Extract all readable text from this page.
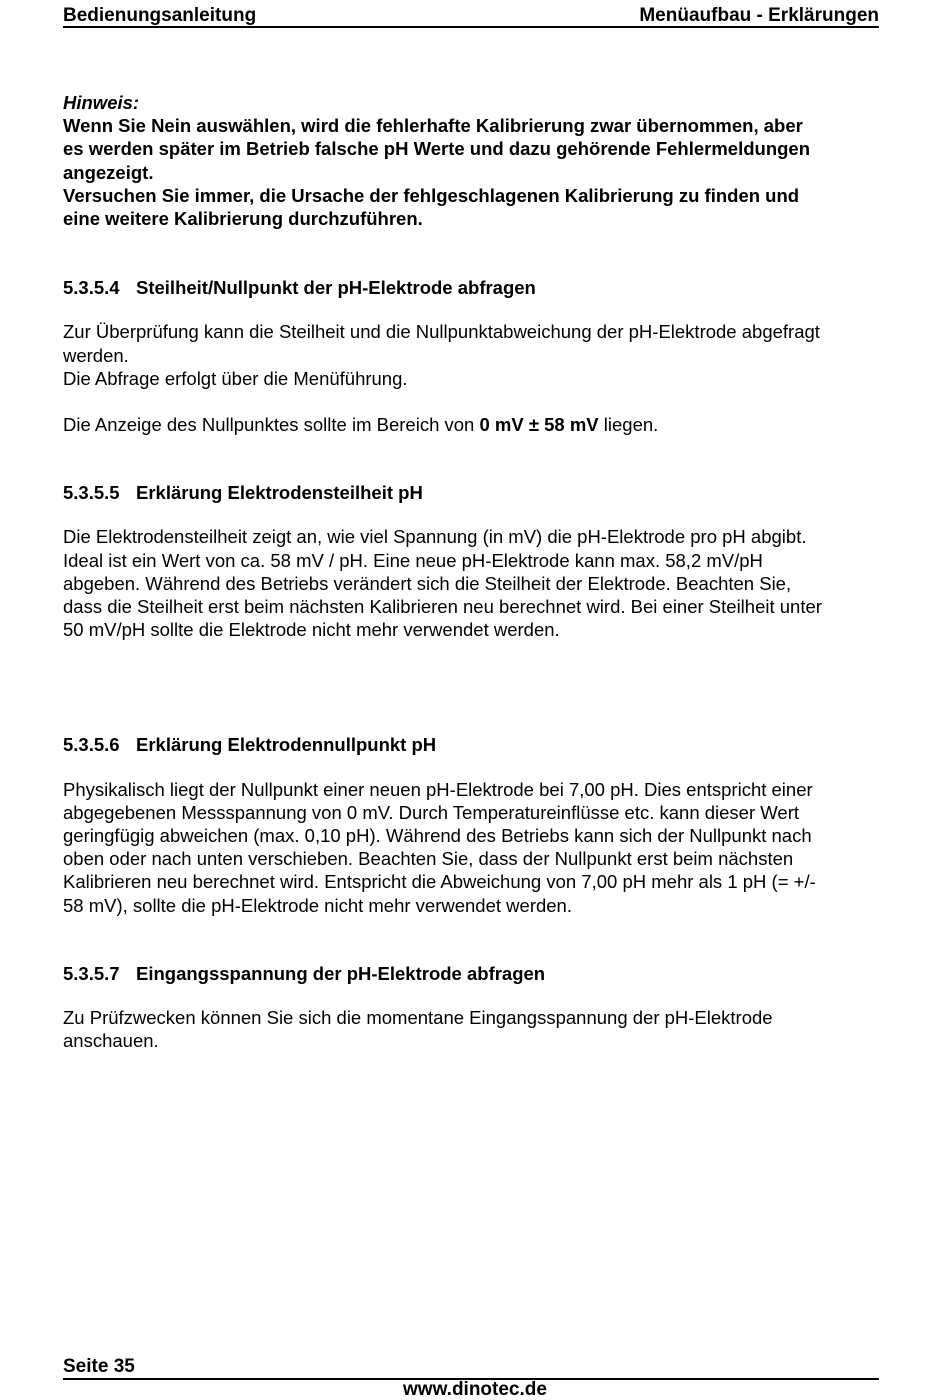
Bedienungsanleitung	Menüaufbau - Erklärungen

Hinweis:

Wenn Sie Nein auswählen, wird die fehlerhafte Kalibrierung zwar übernommen, aber

es werden später im Betrieb falsche pH Werte und dazu gehörende Fehlermeldungen

angezeigt.

Versuchen Sie immer, die Ursache der fehlgeschlagenen Kalibrierung zu finden und

eine weitere Kalibrierung durchzuführen.

5.3.5.4 Steilheit/Nullpunkt der pH-Elektrode abfragen

Zur Überprüfung kann die Steilheit und die Nullpunktabweichung der pH-Elektrode abgefragt

werden.

Die Abfrage erfolgt über die Menüführung.

Die Anzeige des Nullpunktes sollte im Bereich von 0 mV ± 58 mV liegen.

5.3.5.5 Erklärung Elektrodensteilheit pH

Die Elektrodensteilheit zeigt an, wie viel Spannung (in mV) die pH-Elektrode pro pH abgibt.

Ideal ist ein Wert von ca. 58 mV / pH. Eine neue pH-Elektrode kann max. 58,2 mV/pH

abgeben. Während des Betriebs verändert sich die Steilheit der Elektrode. Beachten Sie,

dass die Steilheit erst beim nächsten Kalibrieren neu berechnet wird. Bei einer Steilheit unter

50 mV/pH sollte die Elektrode nicht mehr verwendet werden.

5.3.5.6 Erklärung Elektrodennullpunkt pH

Physikalisch liegt der Nullpunkt einer neuen pH-Elektrode bei 7,00 pH. Dies entspricht einer

abgegebenen Messspannung von 0 mV. Durch Temperatureinflüsse etc. kann dieser Wert

geringfügig abweichen (max. 0,10 pH). Während des Betriebs kann sich der Nullpunkt nach

oben oder nach unten verschieben. Beachten Sie, dass der Nullpunkt erst beim nächsten

Kalibrieren neu berechnet wird. Entspricht die Abweichung von 7,00 pH mehr als 1 pH (= +/-

58 mV), sollte die pH-Elektrode nicht mehr verwendet werden.

5.3.5.7 Eingangsspannung der pH-Elektrode abfragen

Zu Prüfzwecken können Sie sich die momentane Eingangsspannung der pH-Elektrode

anschauen.

Seite 35
www.dinotec.de
